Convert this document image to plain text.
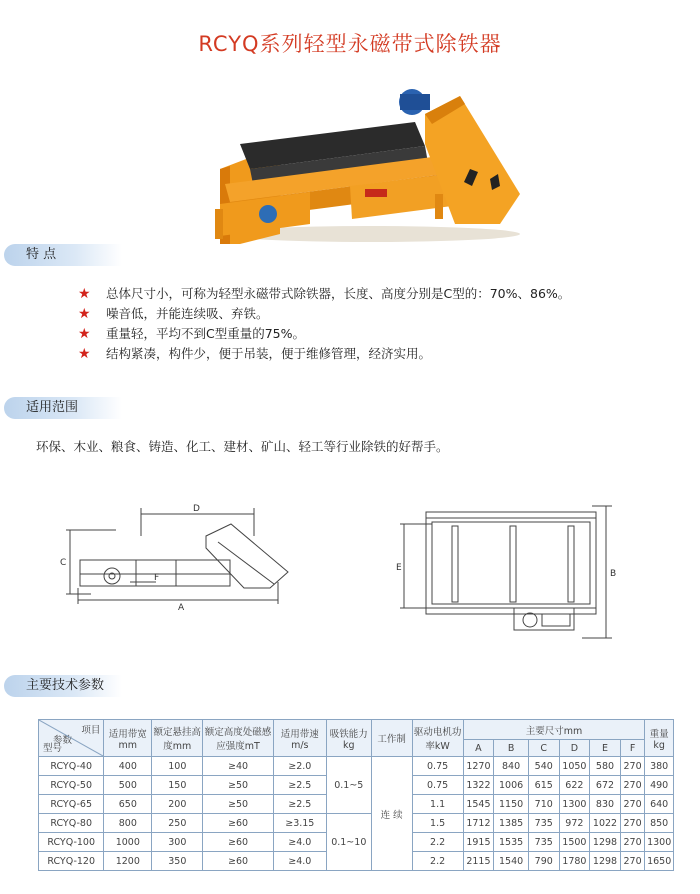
RCYQ系列轻型永磁带式除铁器
特 点
★ 总体尺寸小，可称为轻型永磁带式除铁器，长度、高度分别是C型的：70%、86%。
★ 噪音低，并能连续吸、弃铁。
★ 重量轻，平均不到C型重量的75%。
★ 结构紧凑，构件少，便于吊装，便于维修管理，经济实用。
适用范围
环保、木业、粮食、铸造、化工、建材、矿山、轻工等行业除铁的好帮手。
D
C
F
A
E
B
主要技术参数
项目
参数
型号	适用带宽mm	额定悬挂高度mm	额定高度处磁感应强度mT	适用带速m/s	吸铁能力kg	工作制	驱动电机功率kW	主要尺寸mm						重量kg
								A	B	C	D	E	F	
RCYQ-40	400	100	≥40	≥2.0	0.1~5	连 续	0.75	1270	840	540	1050	580	270	380
RCYQ-50	500	150	≥50	≥2.5			0.75	1322	1006	615	622	672	270	490
RCYQ-65	650	200	≥50	≥2.5			1.1	1545	1150	710	1300	830	270	640
RCYQ-80	800	250	≥60	≥3.15	0.1~10		1.5	1712	1385	735	972	1022	270	850
RCYQ-100	1000	300	≥60	≥4.0			2.2	1915	1535	735	1500	1298	270	1300
RCYQ-120	1200	350	≥60	≥4.0			2.2	2115	1540	790	1780	1298	270	1650
